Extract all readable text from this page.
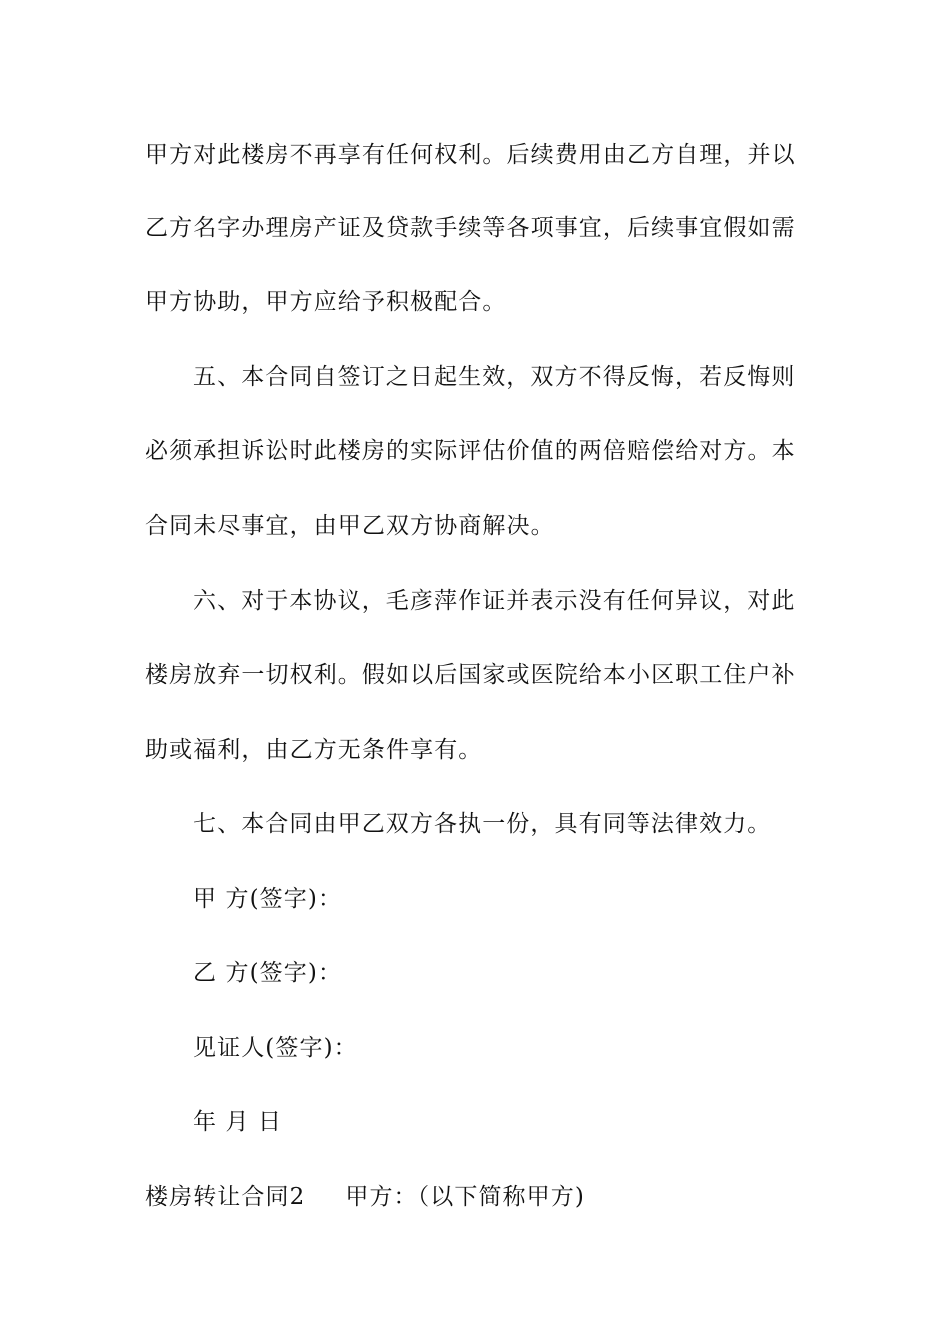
甲方对此楼房不再享有任何权利。后续费用由乙方自理，并以
乙方名字办理房产证及贷款手续等各项事宜，后续事宜假如需
甲方协助，甲方应给予积极配合。
五、本合同自签订之日起生效，双方不得反悔，若反悔则
必须承担诉讼时此楼房的实际评估价值的两倍赔偿给对方。本
合同未尽事宜，由甲乙双方协商解决。
六、对于本协议，毛彦萍作证并表示没有任何异议，对此
楼房放弃一切权利。假如以后国家或医院给本小区职工住户补
助或福利，由乙方无条件享有。
七、本合同由甲乙双方各执一份，具有同等法律效力。
甲 方(签字)：
乙 方(签字)：
见证人(签字)：
年 月 日
楼房转让合同2 甲方：（以下简称甲方)
